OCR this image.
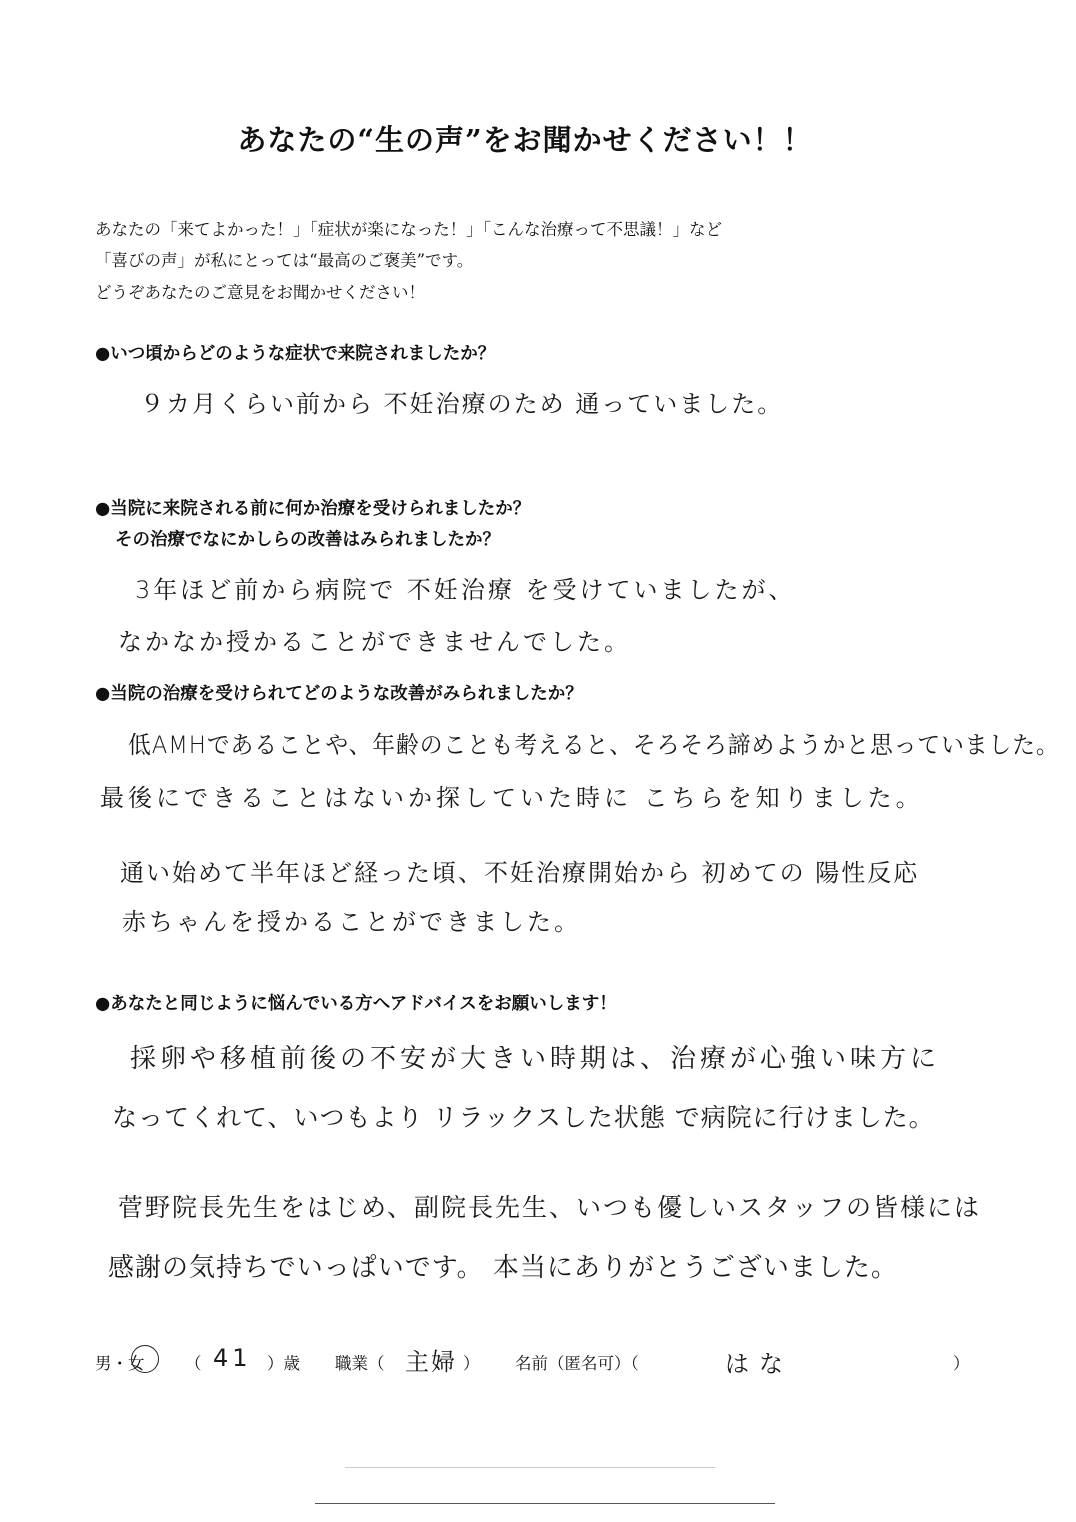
あなたの“生の声”をお聞かせください！！
あなたの「来てよかった！」「症状が楽になった！」「こんな治療って不思議！」など
「喜びの声」が私にとっては“最高のご褒美”です。
どうぞあなたのご意見をお聞かせください！
●いつ頃からどのような症状で来院されましたか？
９カ月くらい前から 不妊治療のため 通っていました。
●当院に来院される前に何か治療を受けられましたか？
その治療でなにかしらの改善はみられましたか？
3年ほど前から病院で 不妊治療 を受けていましたが、
なかなか授かることができませんでした。
●当院の治療を受けられてどのような改善がみられましたか？
低AMHであることや、年齢のことも考えると、そろそろ諦めようかと思っていました。
最後にできることはないか探していた時に こちらを知りました。
通い始めて半年ほど経った頃、不妊治療開始から 初めての 陽性反応
赤ちゃんを授かることができました。
●あなたと同じように悩んでいる方へアドバイスをお願いします！
採卵や移植前後の不安が大きい時期は、治療が心強い味方に
なってくれて、いつもより リラックスした状態 で病院に行けました。
菅野院長先生をはじめ、副院長先生、いつも優しいスタッフの皆様には
感謝の気持ちでいっぱいです。 本当にありがとうございました。
男・女 （ 41 ）歳 職業（ 主婦 ） 名前（匿名可）（	はな	）
